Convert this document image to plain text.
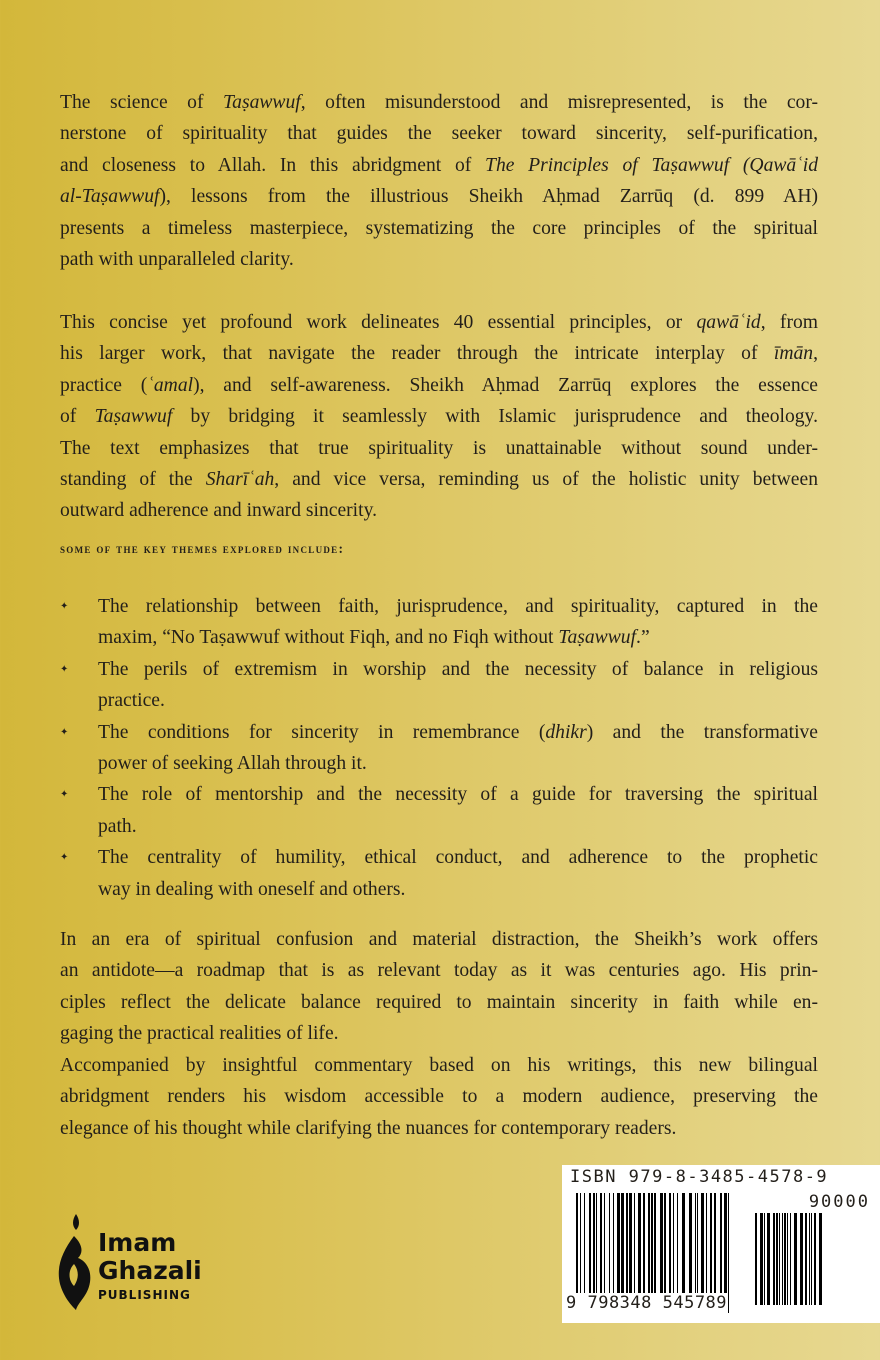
The science of Taṣawwuf, often misunderstood and misrepresented, is the cor-
nerstone of spirituality that guides the seeker toward sincerity, self-purification,
and closeness to Allah. In this abridgment of The Principles of Taṣawwuf (Qawāʿid
al-Taṣawwuf), lessons from the illustrious Sheikh Aḥmad Zarrūq (d. 899 AH)
presents a timeless masterpiece, systematizing the core principles of the spiritual
path with unparalleled clarity.
This concise yet profound work delineates 40 essential principles, or qawāʿid, from
his larger work, that navigate the reader through the intricate interplay of īmān,
practice (ʿamal), and self-awareness. Sheikh Aḥmad Zarrūq explores the essence
of Taṣawwuf by bridging it seamlessly with Islamic jurisprudence and theology.
The text emphasizes that true spirituality is unattainable without sound under-
standing of the Sharīʿah, and vice versa, reminding us of the holistic unity between
outward adherence and inward sincerity.
some of the key themes explored include:
✦ The relationship between faith, jurisprudence, and spirituality, captured in the
maxim, “No Taṣawwuf without Fiqh, and no Fiqh without Taṣawwuf.”
✦ The perils of extremism in worship and the necessity of balance in religious
practice.
✦ The conditions for sincerity in remembrance (dhikr) and the transformative
power of seeking Allah through it.
✦ The role of mentorship and the necessity of a guide for traversing the spiritual
path.
✦ The centrality of humility, ethical conduct, and adherence to the prophetic
way in dealing with oneself and others.
In an era of spiritual confusion and material distraction, the Sheikh’s work offers
an antidote—a roadmap that is as relevant today as it was centuries ago. His prin-
ciples reflect the delicate balance required to maintain sincerity in faith while en-
gaging the practical realities of life.
Accompanied by insightful commentary based on his writings, this new bilingual
abridgment renders his wisdom accessible to a modern audience, preserving the
elegance of his thought while clarifying the nuances for contemporary readers.
Imam
Ghazali
PUBLISHING
ISBN 979-8-3485-4578-9
90000
9 798348 545789
